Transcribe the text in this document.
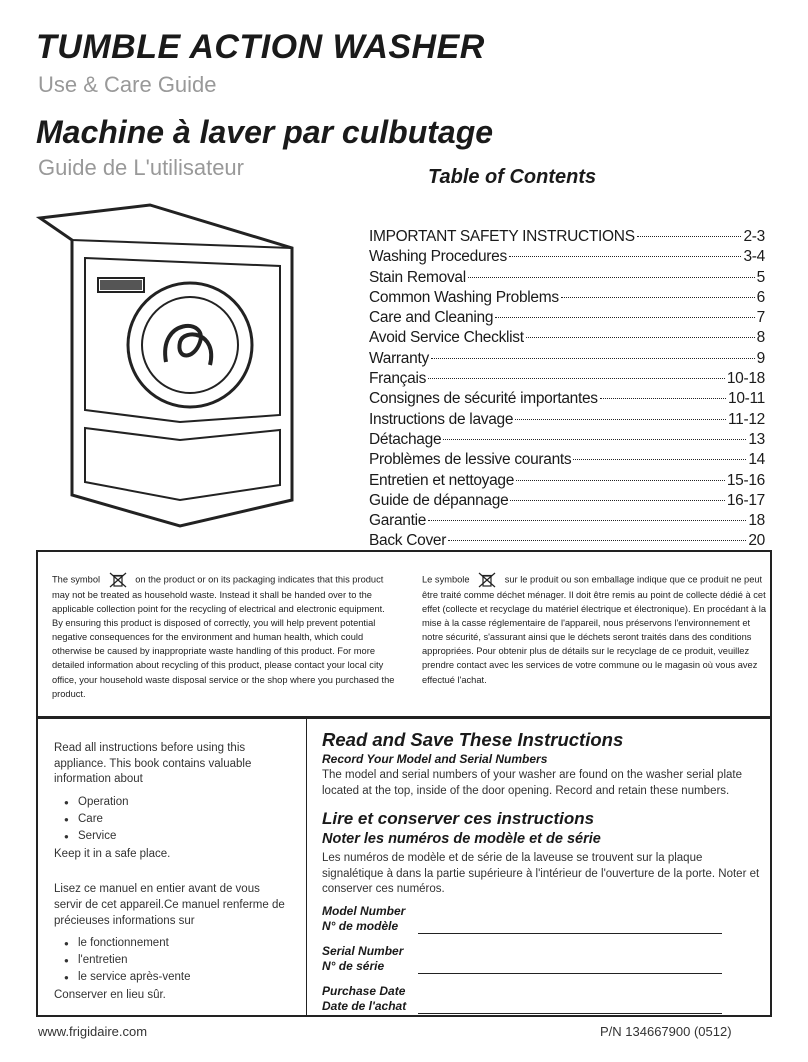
TUMBLE ACTION WASHER
Use & Care Guide
Machine à laver par culbutage
Guide de L'utilisateur	Table of Contents
IMPORTANT SAFETY INSTRUCTIONS	2-3
Washing Procedures	3-4
Stain Removal	5
Common Washing Problems	6
Care and Cleaning	7
Avoid Service Checklist	8
Warranty	9
Français	10-18
Consignes de sécurité importantes	10-11
Instructions de lavage	11-12
Détachage	13
Problèmes de lessive courants	14
Entretien et nettoyage	15-16
Guide de dépannage	16-17
Garantie	18
Back Cover	20
The symbol	on the product or on its packaging indicates that this product may not be treated as household waste. Instead it shall be handed over to the applicable collection point for the recycling of electrical and electronic equipment. By ensuring this product is disposed of correctly, you will help prevent potential negative consequences for the environment and human health, which could otherwise be caused by inappropriate waste handling of this product. For more detailed information about recycling of this product, please contact your local city office, your household waste disposal service or the shop where you purchased the product.
Le symbole	sur le produit ou son emballage indique que ce produit ne peut être traité comme déchet ménager. Il doit être remis au point de collecte dédié à cet effet (collecte et recyclage du matériel électrique et électronique). En procédant à la mise à la casse réglementaire de l'appareil, nous préservons l'environnement et notre sécurité, s'assurant ainsi que le déchets seront traités dans des conditions appropriées. Pour obtenir plus de détails sur le recyclage de ce produit, veuillez prendre contact avec les services de votre commune ou le magasin où vous avez effectué l'achat.
Read all instructions before using this appliance. This book contains valuable information about
● Operation
● Care
● Service
Keep it in a safe place.
Lisez ce manuel en entier avant de vous servir de cet appareil.Ce manuel renferme de précieuses informations sur
● le fonctionnement
● l'entretien
● le service après-vente
Conserver en lieu sûr.

Read and Save These Instructions

Record Your Model and Serial Numbers

The model and serial numbers of your washer are found on the washer serial plate located at the top, inside of the door opening. Record and retain these numbers.

Lire et conserver ces instructions

Noter les numéros de modèle et de série

Les numéros de modèle et de série de la laveuse se trouvent sur la plaque signalétique à dans la partie supérieure à l'intérieur de l'ouverture de la porte. Noter et conserver ces numéros.

Model Number
N° de modèle
Serial Number
N° de série
Purchase Date
Date de l'achat
www.frigidaire.com	P/N 134667900 (0512)
